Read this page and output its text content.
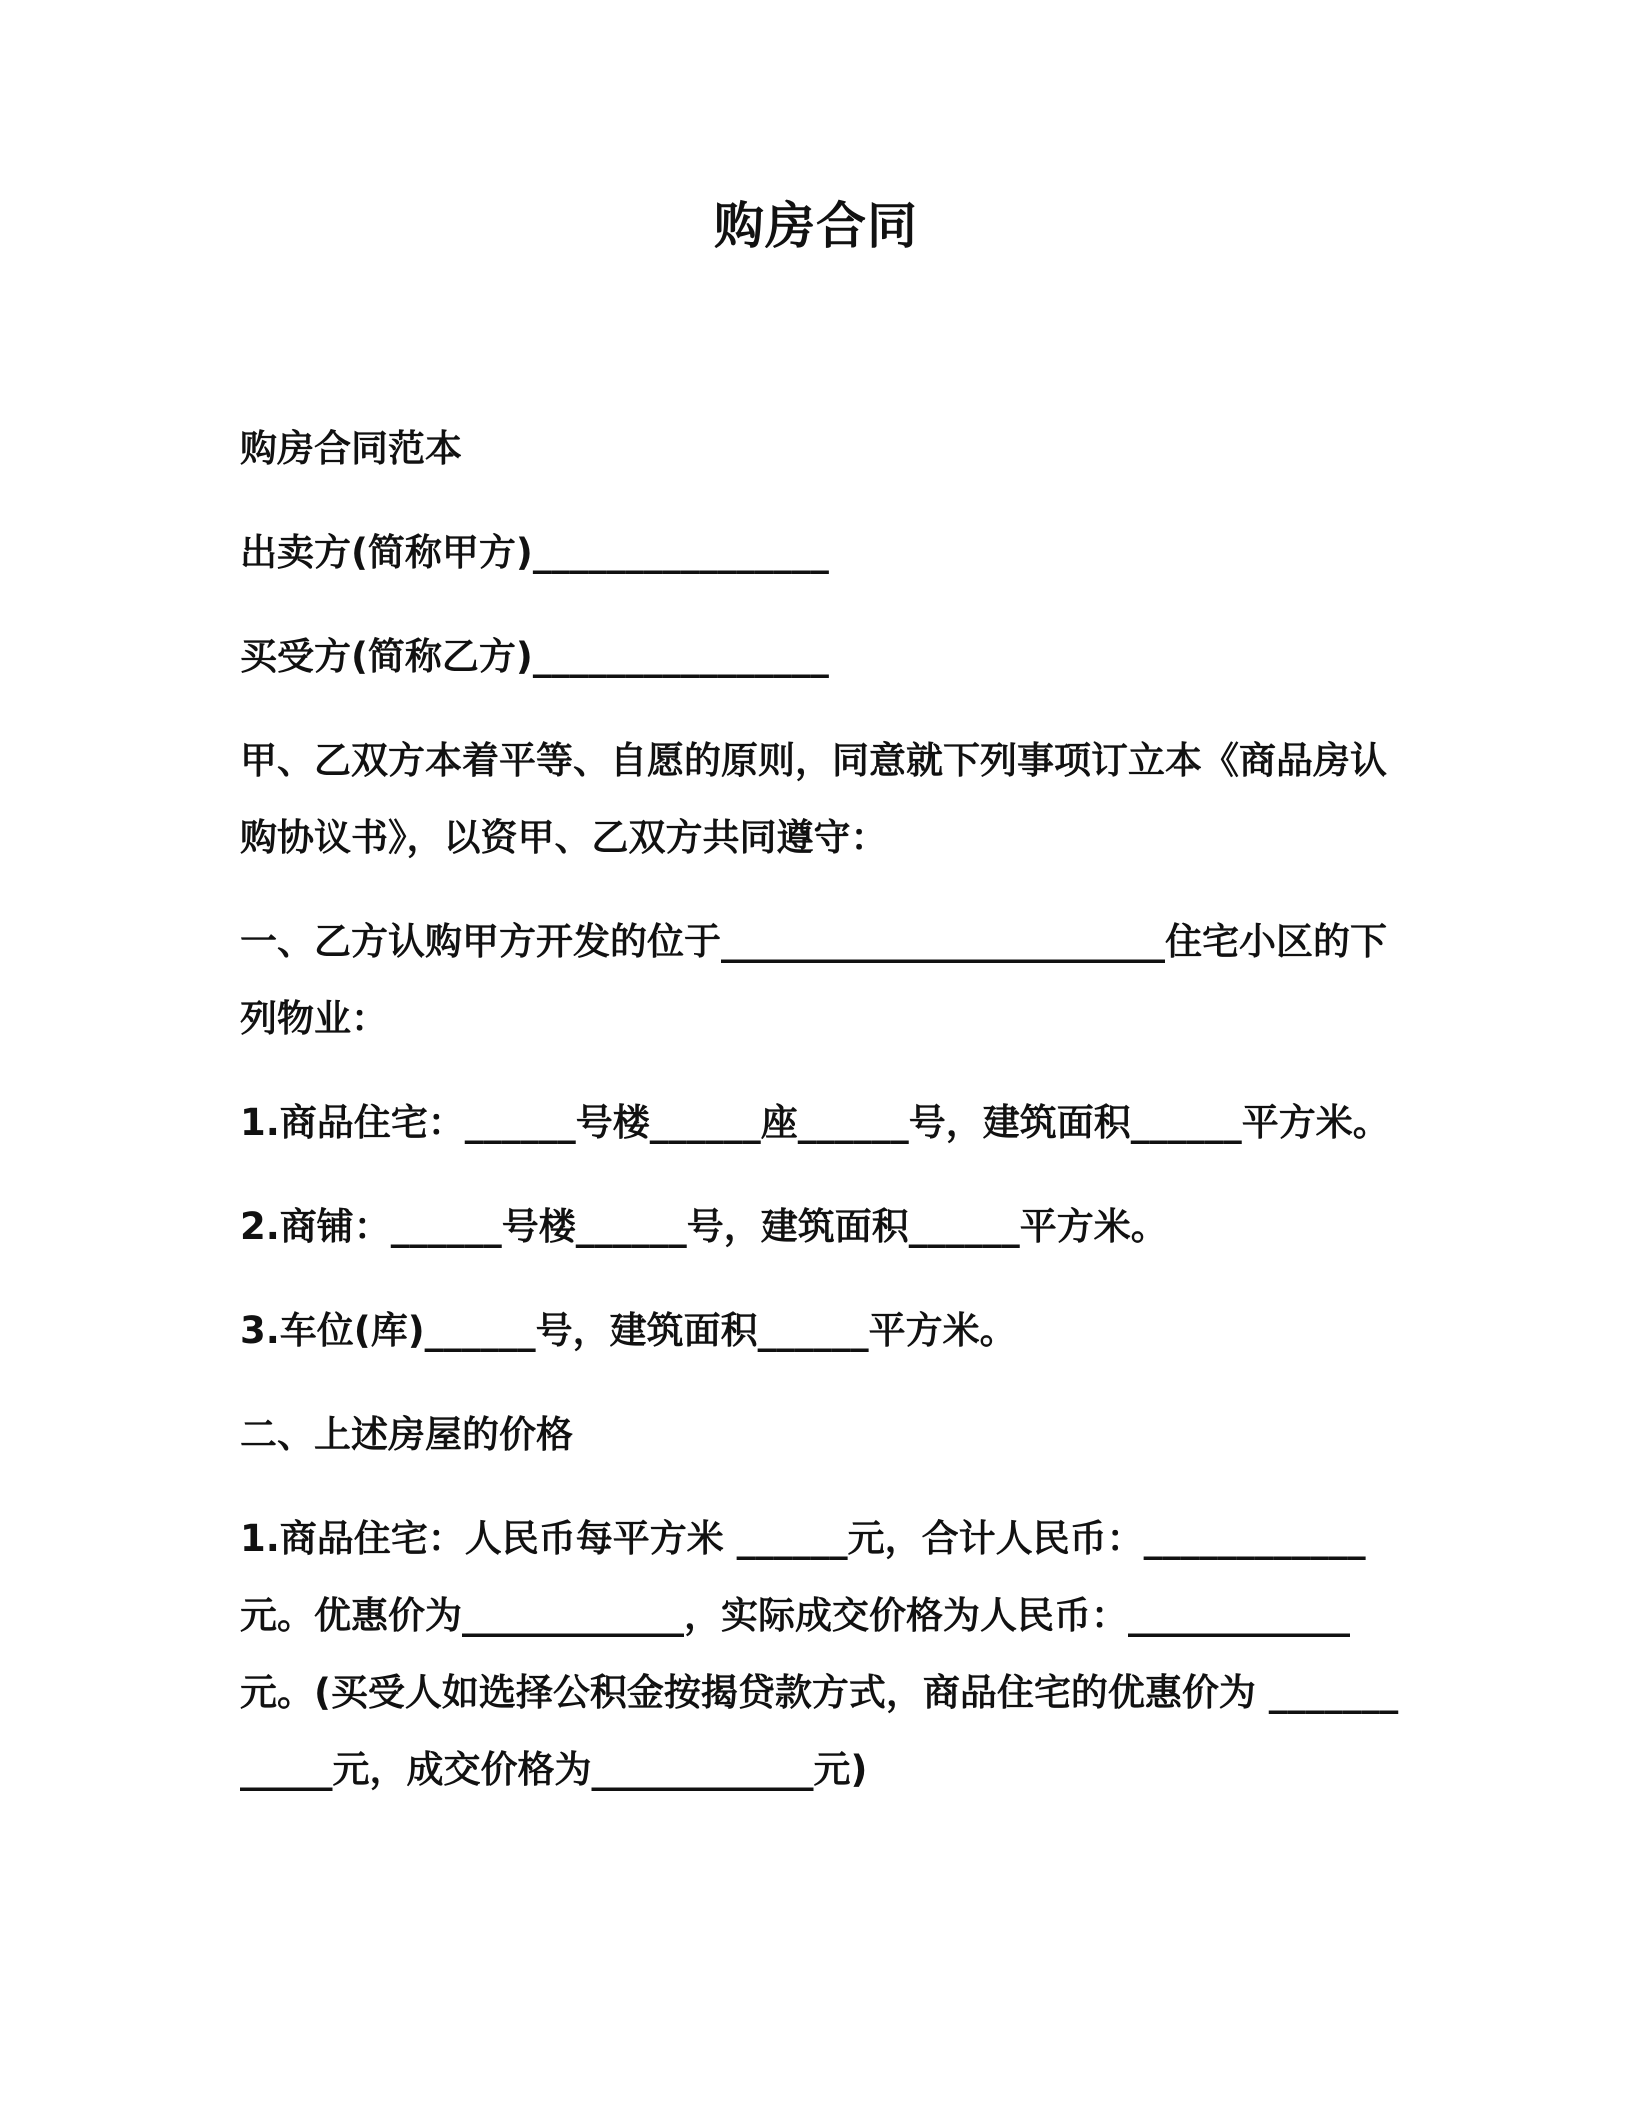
购房合同

购房合同范本

出卖方(简称甲方)________________

买受方(简称乙方)________________

甲、乙双方本着平等、自愿的原则，同意就下列事项订立本《商品房认购协议书》，以资甲、乙双方共同遵守：

一、乙方认购甲方开发的位于________________________住宅小区的下列物业：

1.商品住宅：______号楼______座______号，建筑面积______平方米。

2.商铺：______号楼______号，建筑面积______平方米。

3.车位(库)______号，建筑面积______平方米。

二、上述房屋的价格

1.商品住宅：人民币每平方米 ______元，合计人民币：____________ 元。优惠价为____________，实际成交价格为人民币：____________元。(买受人如选择公积金按揭贷款方式，商品住宅的优惠价为 ____________元，成交价格为____________元)
